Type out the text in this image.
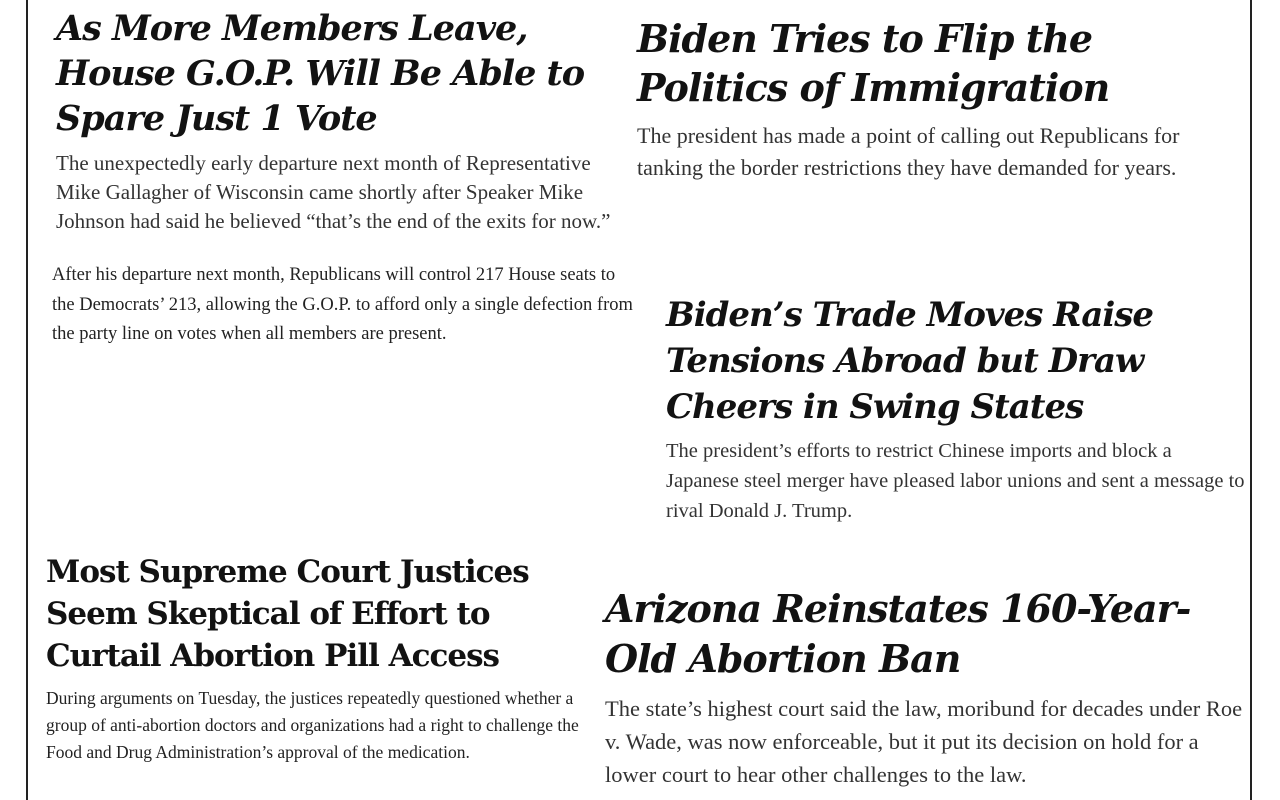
As More Members Leave, House G.O.P. Will Be Able to Spare Just 1 Vote

The unexpectedly early departure next month of Representative Mike Gallagher of Wisconsin came shortly after Speaker Mike Johnson had said he believed “that’s the end of the exits for now.”

After his departure next month, Republicans will control 217 House seats to the Democrats’ 213, allowing the G.O.P. to afford only a single defection from the party line on votes when all members are present.

Biden Tries to Flip the Politics of Immigration

The president has made a point of calling out Republicans for tanking the border restrictions they have demanded for years.

Biden’s Trade Moves Raise Tensions Abroad but Draw Cheers in Swing States

The president’s efforts to restrict Chinese imports and block a Japanese steel merger have pleased labor unions and sent a message to rival Donald J. Trump.

Most Supreme Court Justices Seem Skeptical of Effort to Curtail Abortion Pill Access

During arguments on Tuesday, the justices repeatedly questioned whether a group of anti-abortion doctors and organizations had a right to challenge the Food and Drug Administration’s approval of the medication.

Arizona Reinstates 160-Year-Old Abortion Ban

The state’s highest court said the law, moribund for decades under Roe v. Wade, was now enforceable, but it put its decision on hold for a lower court to hear other challenges to the law.
